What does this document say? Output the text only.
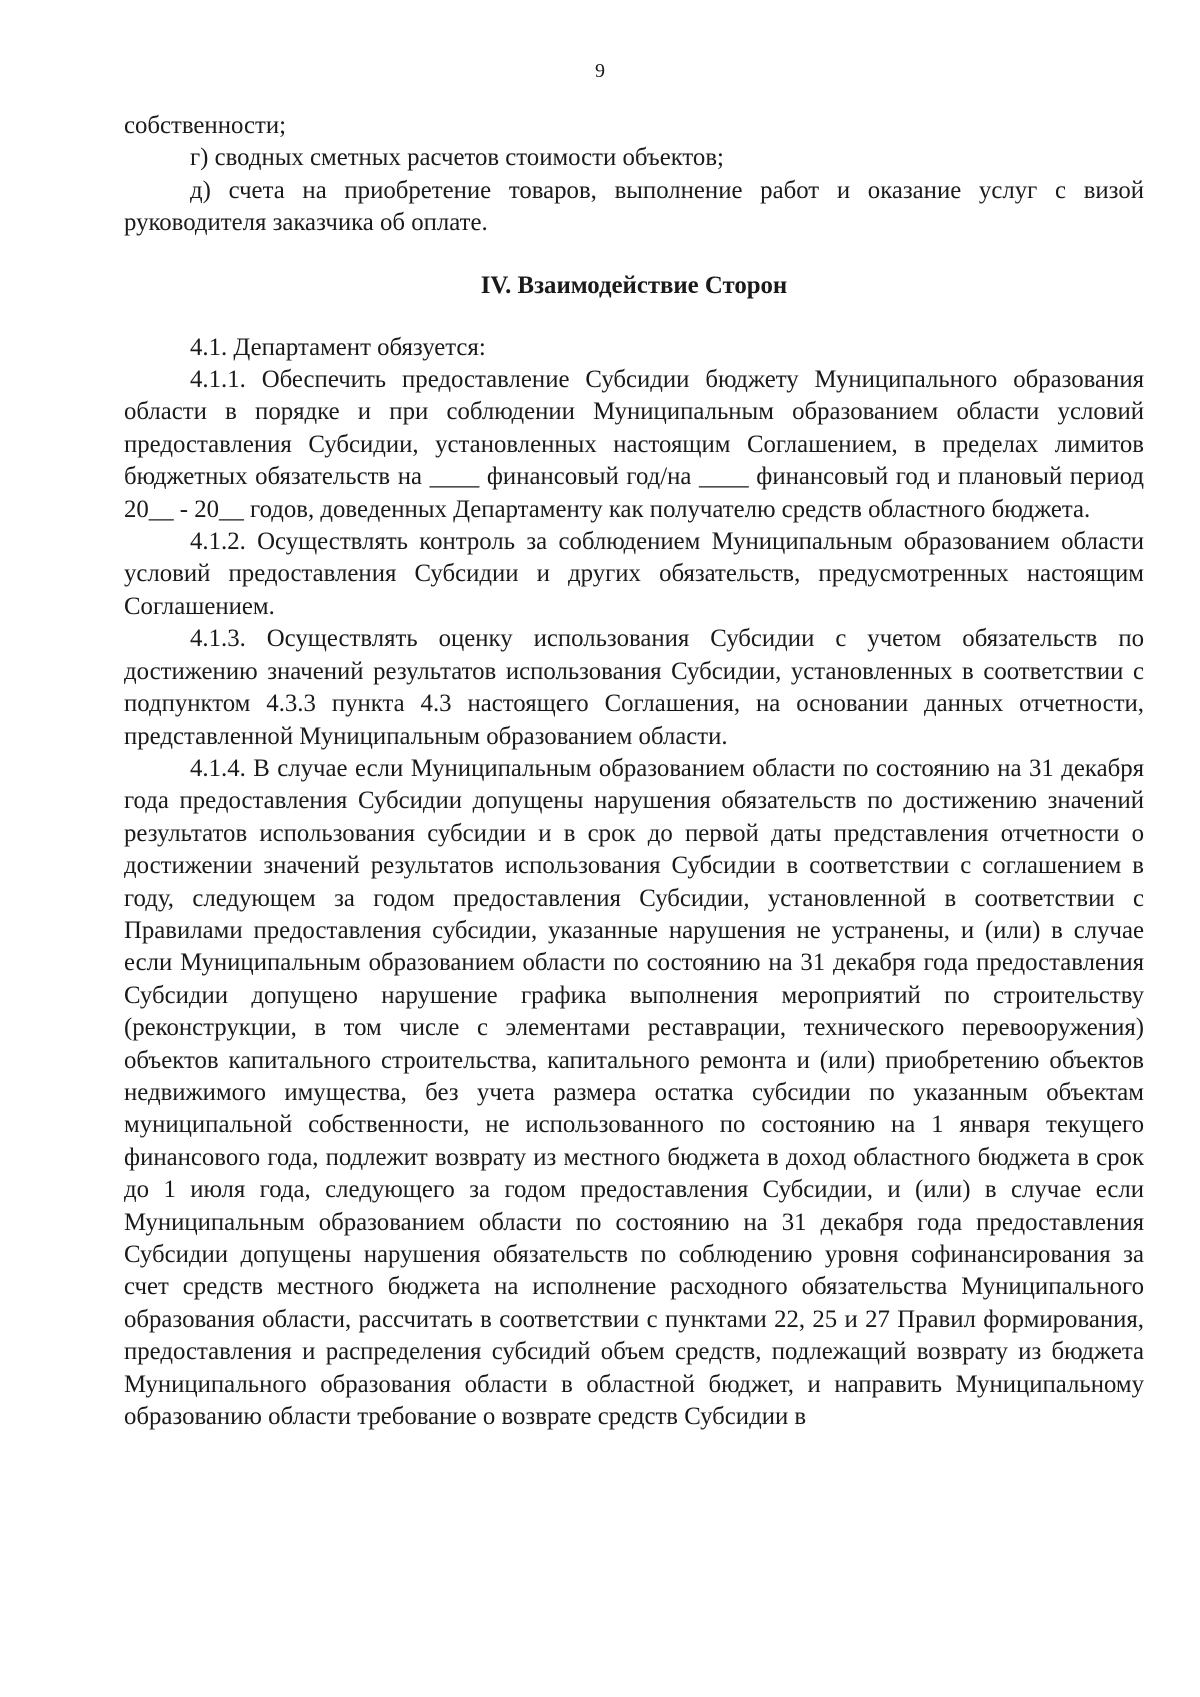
9

собственности;

г) сводных сметных расчетов стоимости объектов;

д) счета на приобретение товаров, выполнение работ и оказание услуг с визой руководителя заказчика об оплате.

IV. Взаимодействие Сторон

4.1. Департамент обязуется:

4.1.1. Обеспечить предоставление Субсидии бюджету Муниципального образования области в порядке и при соблюдении Муниципальным образованием области условий предоставления Субсидии, установленных настоящим Соглашением, в пределах лимитов бюджетных обязательств на ____ финансовый год/на ____ финансовый год и плановый период 20__ - 20__ годов, доведенных Департаменту как получателю средств областного бюджета.

4.1.2. Осуществлять контроль за соблюдением Муниципальным образованием области условий предоставления Субсидии и других обязательств, предусмотренных настоящим Соглашением.

4.1.3. Осуществлять оценку использования Субсидии с учетом обязательств по достижению значений результатов использования Субсидии, установленных в соответствии с подпунктом 4.3.3 пункта 4.3 настоящего Соглашения, на основании данных отчетности, представленной Муниципальным образованием области.

4.1.4. В случае если Муниципальным образованием области по состоянию на 31 декабря года предоставления Субсидии допущены нарушения обязательств по достижению значений результатов использования субсидии и в срок до первой даты представления отчетности о достижении значений результатов использования Субсидии в соответствии с соглашением в году, следующем за годом предоставления Субсидии, установленной в соответствии с Правилами предоставления субсидии, указанные нарушения не устранены, и (или) в случае если Муниципальным образованием области по состоянию на 31 декабря года предоставления Субсидии допущено нарушение графика выполнения мероприятий по строительству (реконструкции, в том числе с элементами реставрации, технического перевооружения) объектов капитального строительства, капитального ремонта и (или) приобретению объектов недвижимого имущества, без учета размера остатка субсидии по указанным объектам муниципальной собственности, не использованного по состоянию на 1 января текущего финансового года, подлежит возврату из местного бюджета в доход областного бюджета в срок до 1 июля года, следующего за годом предоставления Субсидии, и (или) в случае если Муниципальным образованием области по состоянию на 31 декабря года предоставления Субсидии допущены нарушения обязательств по соблюдению уровня софинансирования за счет средств местного бюджета на исполнение расходного обязательства Муниципального образования области, рассчитать в соответствии с пунктами 22, 25 и 27 Правил формирования, предоставления и распределения субсидий объем средств, подлежащий возврату из бюджета Муниципального образования области в областной бюджет, и направить Муниципальному образованию области требование о возврате средств Субсидии в
